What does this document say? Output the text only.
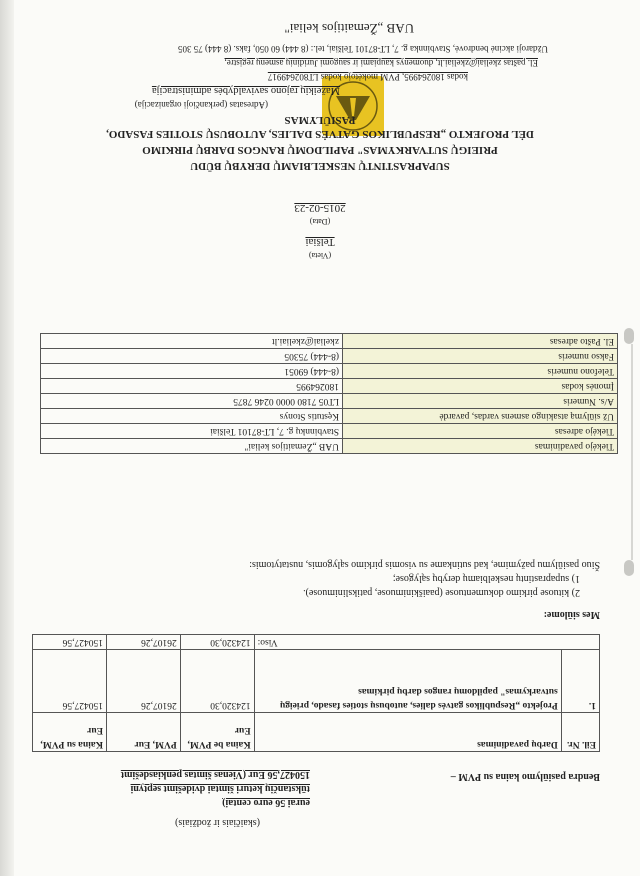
UAB „Žemaitijos keliai"
Uždaroji akcinė bendrovė, Stavbinnka g. 7, LT-87101 Telšiai, tel.: (8 444) 60 050, faks. (8 444) 75 305
El. paštas zkeliai@zkeliai.lt, duomenys kaupiami ir saugomi Juridinių asmenų registre,
kodas 180264995, PVM mokėtojo kodas LT802649917
Mažeikių rajono savivaldybės administracija
(Adresatas (perkančioji organizacija)
PASIŪLYMAS
DĖL PROJEKTO „RESPUBLIKOS GATVĖS DALIES, AUTOBUSŲ STOTIES FASADO,
PRIEIGŲ SUTVARKYMAS" PAPILDOMŲ RANGOS DARBŲ PIRKIMO
SUPAPRASTINTŲ NESKELBIAMŲ DERYBŲ BŪDU
2015-02-23
(Data)
Telšiai
(Vieta)
Tiekėjo pavadinimas	UAB „Žemaitijos keliai"
Tiekėjo adresas	Stavbinnkų g. 7, LT-87101 Telšiai
Už siūlymą atsakingo asmens vardas, pavardė	Kęstutis Stonys
A/s. Numeris	LT05 7180 0000 0246 7875
Įmonės kodas	180264995
Telefono numeris	(8-444) 69051
Fakso numeris	(8-444) 75305
El. Pašto adresas	zkeliai@zkeliai.lt
Šiuo pasiūlymu pažymime, kad sutinkame su visomis pirkimo sąlygomis, nustatytomis:
1) supaprastintų neskelbiamų derybų sąlygose;
2) kituose pirkimo dokumentuose (paaiškinimuose, patikslinimuose).
Mes siūlome:
Eil. Nr.	Darbų pavadinimas	Kaina be PVM, Eur	PVM, Eur	Kaina su PVM, Eur
1.	Projekto „Respublikos gatvės dalies, autobusų stoties fasado, prieigų sutvarkymas" papildomų rangos darbų pirkimas	124320,30	26107,26	150427,56
Viso:		124320,30	26107,26	150427,56
Bendra pasiūlymo kaina su PVM –
150427,56 Eur (Vienas šimtas penkiasdešimt
tūkstančių keturi šimtai dvidešimt septyni
eurai 56 euro centai)
(skaičiais ir žodžiais)
